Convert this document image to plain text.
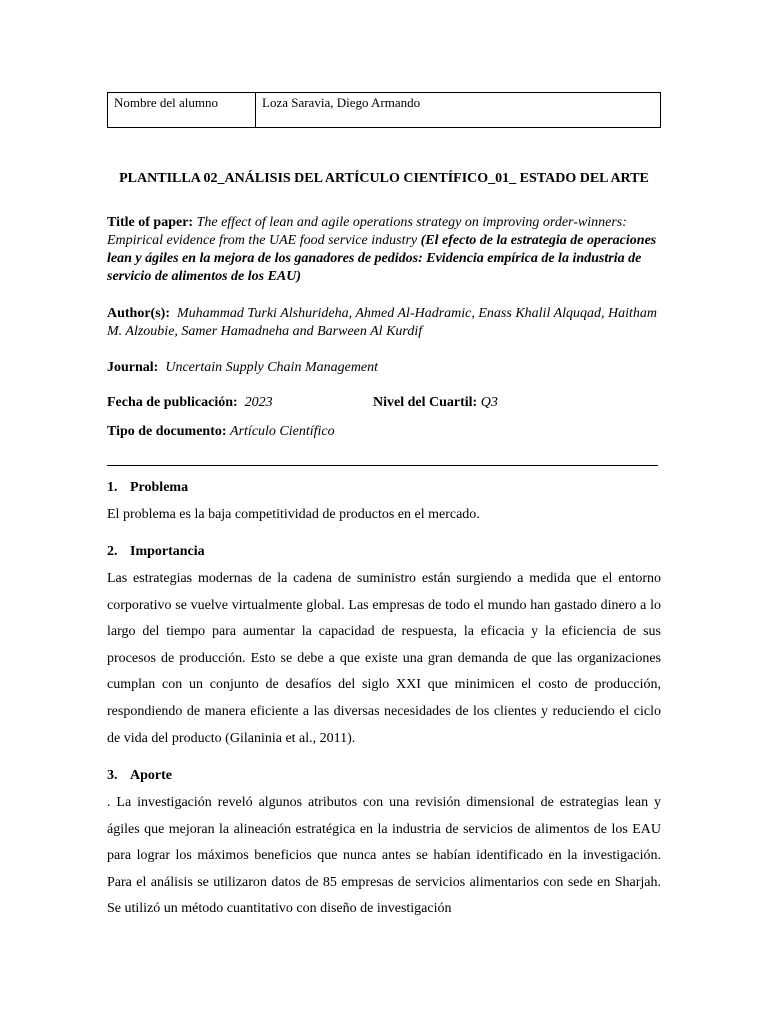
Nombre del alumno	Loza Saravia, Diego Armando
PLANTILLA 02_ANÁLISIS DEL ARTÍCULO CIENTÍFICO_01_ ESTADO DEL ARTE
Title of paper: The effect of lean and agile operations strategy on improving order-winners: Empirical evidence from the UAE food service industry (El efecto de la estrategia de operaciones lean y ágiles en la mejora de los ganadores de pedidos: Evidencia empírica de la industria de servicio de alimentos de los EAU)
Author(s): Muhammad Turki Alshurideha, Ahmed Al-Hadramic, Enass Khalil Alquqad, Haitham M. Alzoubie, Samer Hamadneha and Barween Al Kurdif
Journal: Uncertain Supply Chain Management
Fecha de publicación: 2023	Nivel del Cuartil: Q3
Tipo de documento: Artículo Científico
1. Problema

El problema es la baja competitividad de productos en el mercado.

2. Importancia

Las estrategias modernas de la cadena de suministro están surgiendo a medida que el entorno corporativo se vuelve virtualmente global. Las empresas de todo el mundo han gastado dinero a lo largo del tiempo para aumentar la capacidad de respuesta, la eficacia y la eficiencia de sus procesos de producción. Esto se debe a que existe una gran demanda de que las organizaciones cumplan con un conjunto de desafíos del siglo XXI que minimicen el costo de producción, respondiendo de manera eficiente a las diversas necesidades de los clientes y reduciendo el ciclo de vida del producto (Gilaninia et al., 2011).

3. Aporte

. La investigación reveló algunos atributos con una revisión dimensional de estrategias lean y ágiles que mejoran la alineación estratégica en la industria de servicios de alimentos de los EAU para lograr los máximos beneficios que nunca antes se habían identificado en la investigación. Para el análisis se utilizaron datos de 85 empresas de servicios alimentarios con sede en Sharjah. Se utilizó un método cuantitativo con diseño de investigación
